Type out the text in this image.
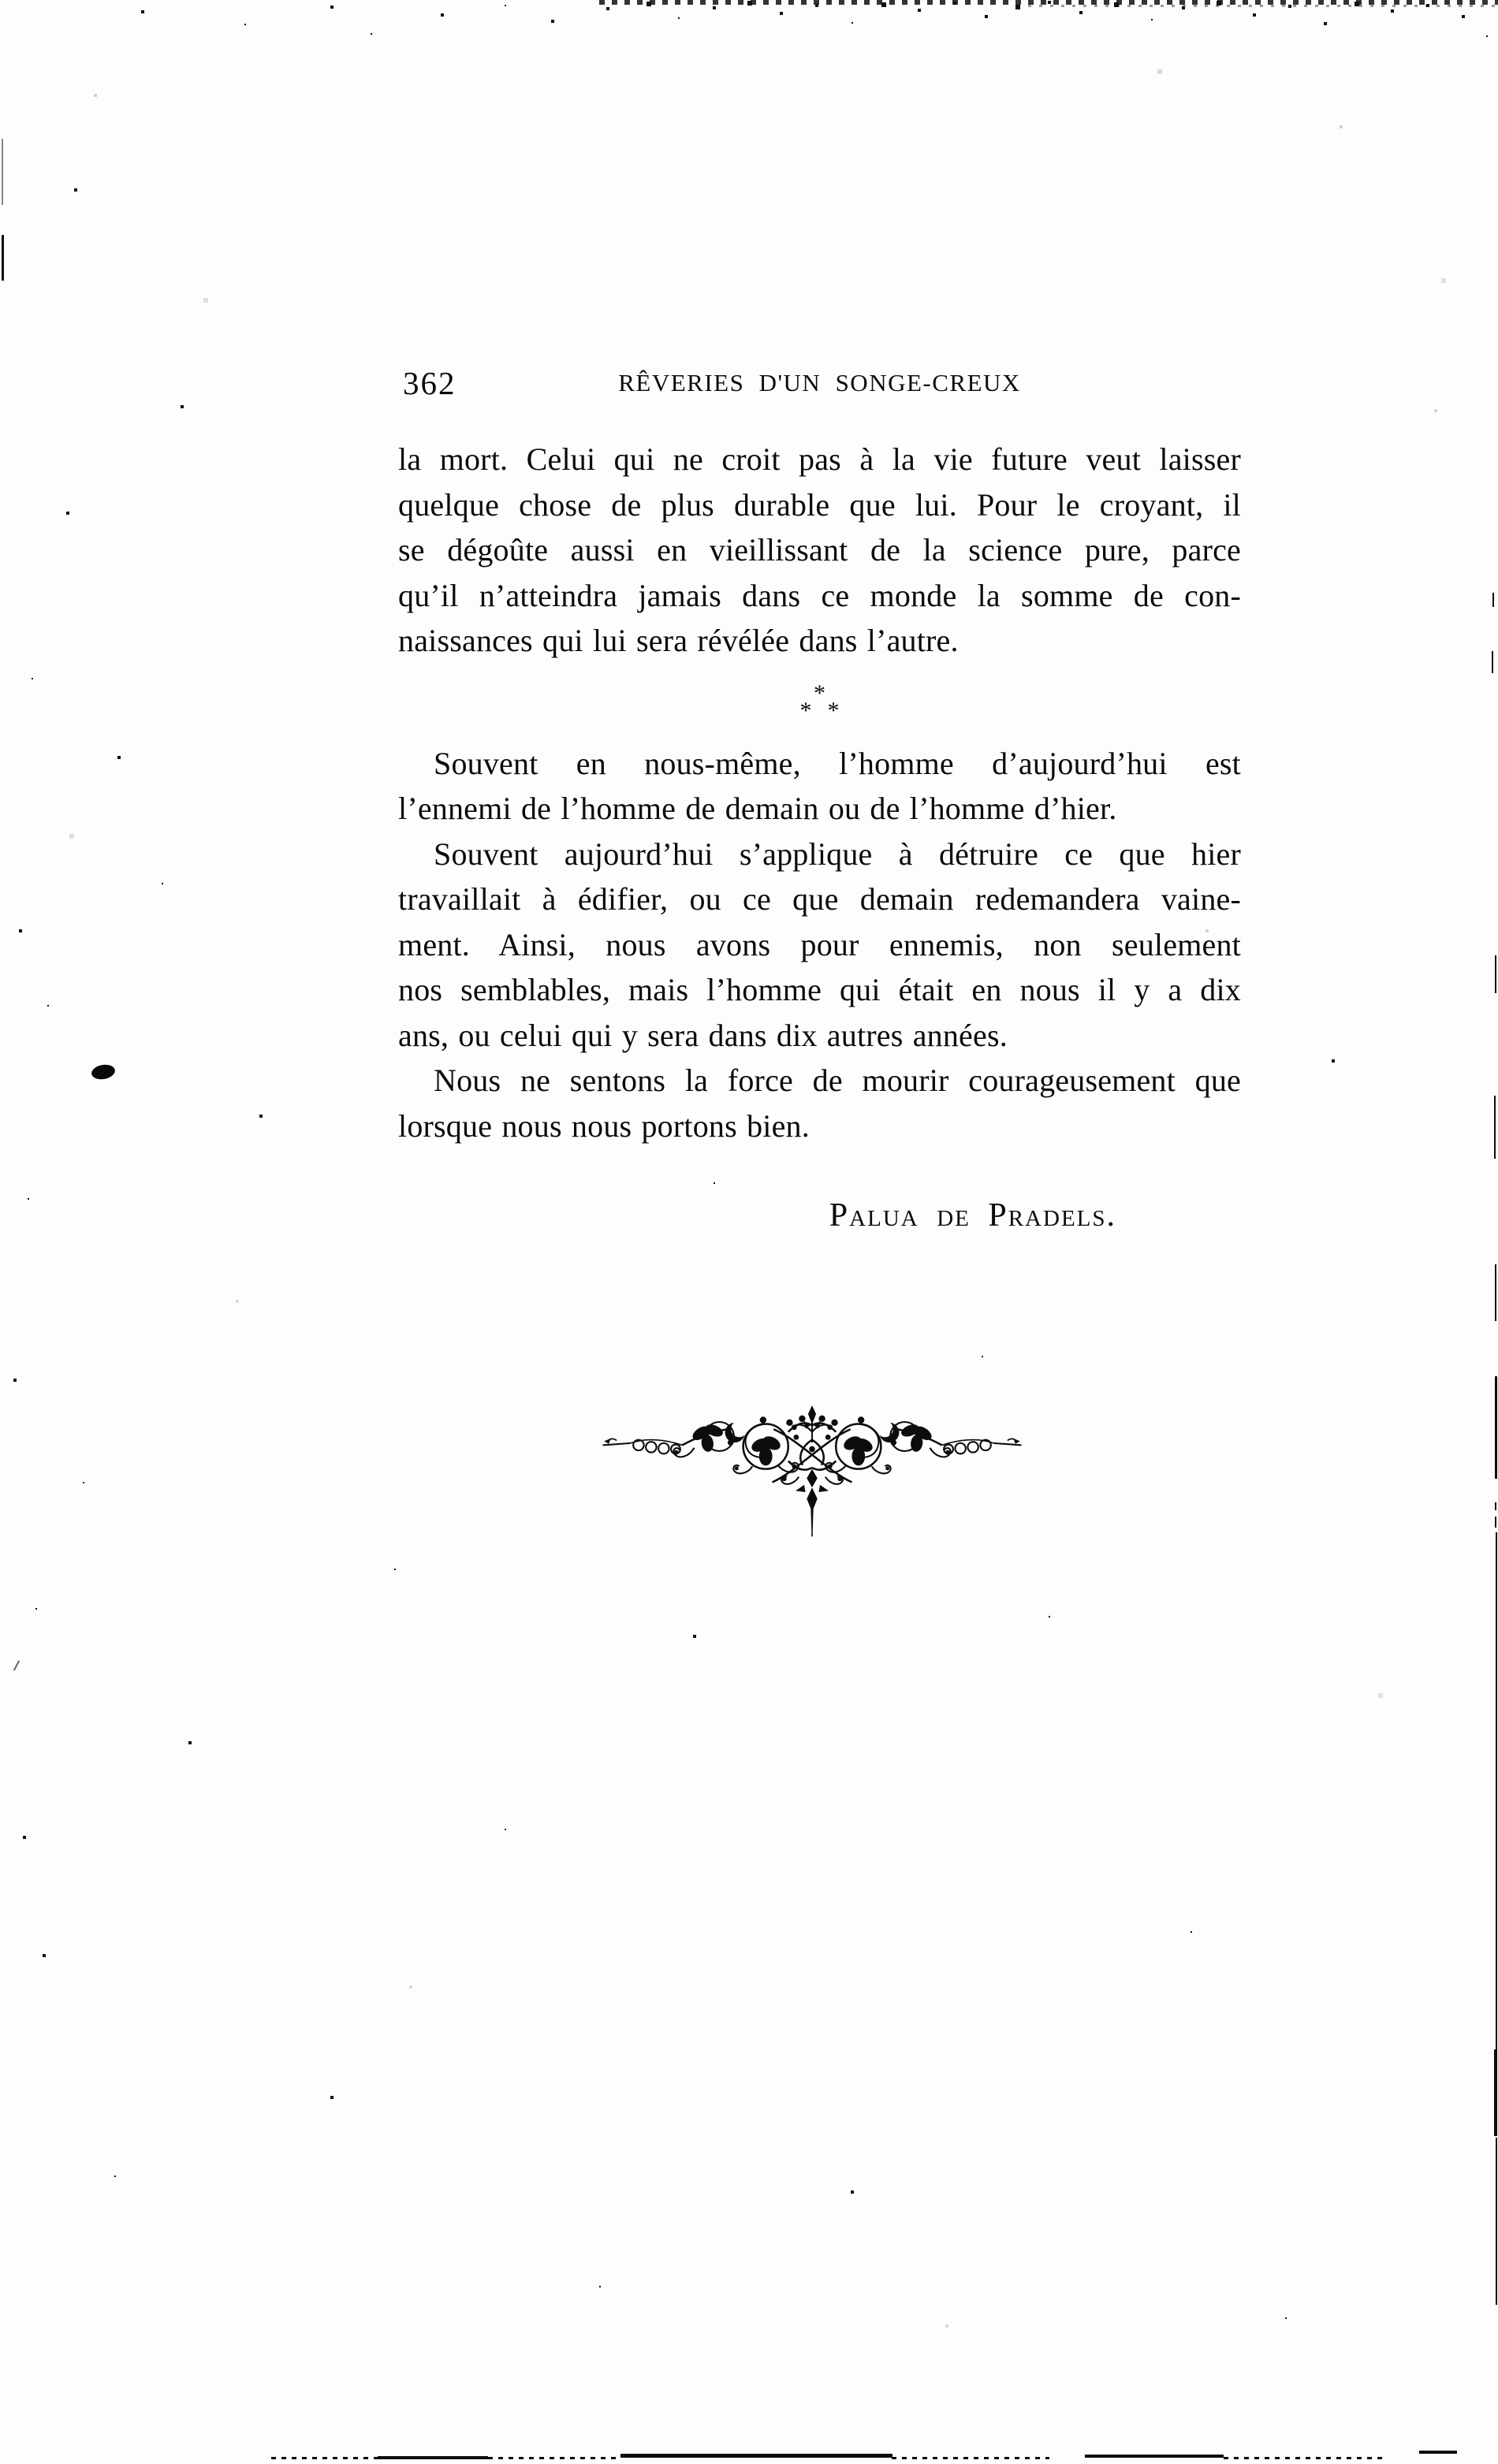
362	RÊVERIES D'UN SONGE-CREUX

la mort. Celui qui ne croit pas à la vie future veut laisser
quelque chose de plus durable que lui. Pour le croyant, il
se dégoûte aussi en vieillissant de la science pure, parce
qu’il n’atteindra jamais dans ce monde la somme de con-
naissances qui lui sera révélée dans l’autre.

*
* *

Souvent en nous-même, l’homme d’aujourd’hui est
l’ennemi de l’homme de demain ou de l’homme d’hier.

Souvent aujourd’hui s’applique à détruire ce que hier
travaillait à édifier, ou ce que demain redemandera vaine-
ment. Ainsi, nous avons pour ennemis, non seulement
nos semblables, mais l’homme qui était en nous il y a dix
ans, ou celui qui y sera dans dix autres années.

Nous ne sentons la force de mourir courageusement que
lorsque nous nous portons bien.

Palua de Pradels.
